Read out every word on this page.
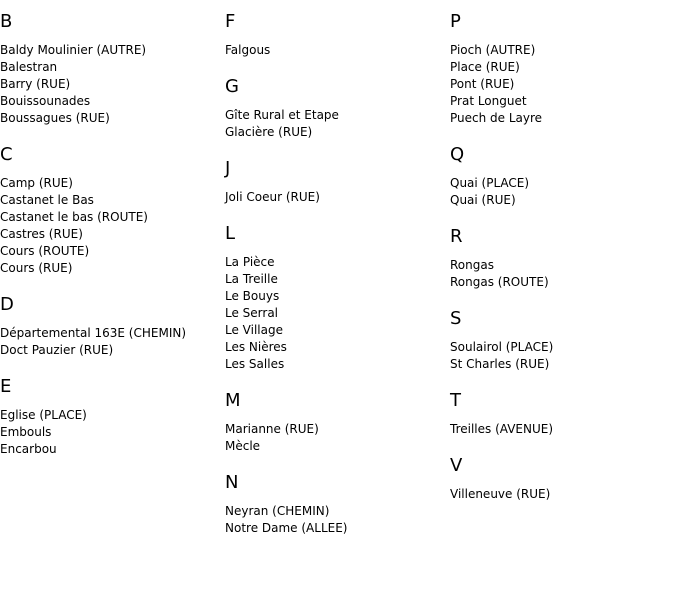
B
Baldy Moulinier (AUTRE)
Balestran
Barry (RUE)
Bouissounades
Boussagues (RUE)
C
Camp (RUE)
Castanet le Bas
Castanet le bas (ROUTE)
Castres (RUE)
Cours (ROUTE)
Cours (RUE)
D
Départemental 163E (CHEMIN)
Doct Pauzier (RUE)
E
Eglise (PLACE)
Embouls
Encarbou
F
Falgous
G
Gîte Rural et Etape
Glacière (RUE)
J
Joli Coeur (RUE)
L
La Pièce
La Treille
Le Bouys
Le Serral
Le Village
Les Nières
Les Salles
M
Marianne (RUE)
Mècle
N
Neyran (CHEMIN)
Notre Dame (ALLEE)
P
Pioch (AUTRE)
Place (RUE)
Pont (RUE)
Prat Longuet
Puech de Layre
Q
Quai (PLACE)
Quai (RUE)
R
Rongas
Rongas (ROUTE)
S
Soulairol (PLACE)
St Charles (RUE)
T
Treilles (AVENUE)
V
Villeneuve (RUE)
